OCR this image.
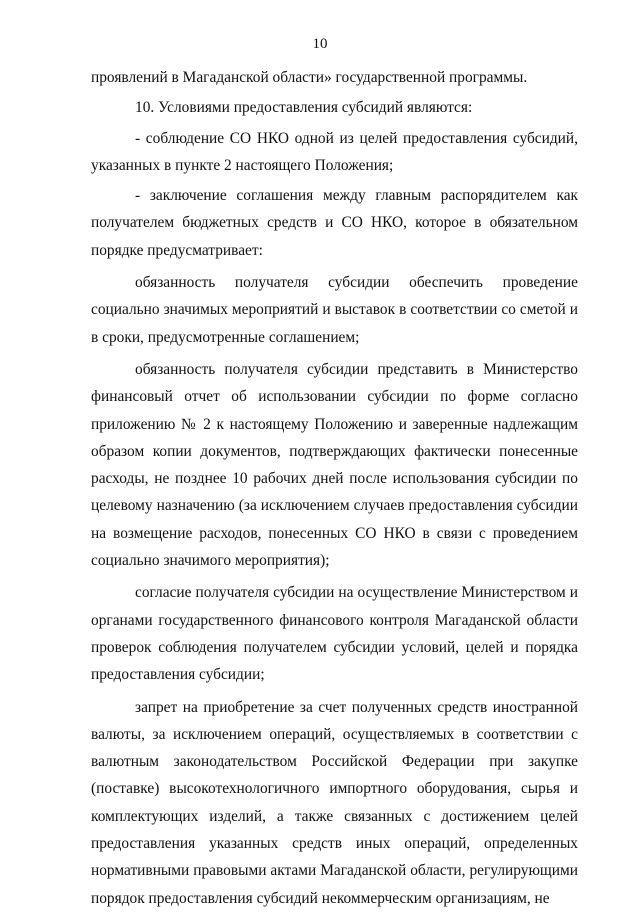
10

проявлений в Магаданской области» государственной программы.

10. Условиями предоставления субсидий являются:

- соблюдение СО НКО одной из целей предоставления субсидий, указанных в пункте 2 настоящего Положения;

- заключение соглашения между главным распорядителем как получателем бюджетных средств и СО НКО, которое в обязательном порядке предусматривает:

обязанность получателя субсидии обеспечить проведение социально значимых мероприятий и выставок в соответствии со сметой и в сроки, предусмотренные соглашением;

обязанность получателя субсидии представить в Министерство финансовый отчет об использовании субсидии по форме согласно приложению № 2 к настоящему Положению и заверенные надлежащим образом копии документов, подтверждающих фактически понесенные расходы, не позднее 10 рабочих дней после использования субсидии по целевому назначению (за исключением случаев предоставления субсидии на возмещение расходов, понесенных СО НКО в связи с проведением социально значимого мероприятия);

согласие получателя субсидии на осуществление Министерством и органами государственного финансового контроля Магаданской области проверок соблюдения получателем субсидии условий, целей и порядка предоставления субсидии;

запрет на приобретение за счет полученных средств иностранной валюты, за исключением операций, осуществляемых в соответствии с валютным законодательством Российской Федерации при закупке (поставке) высокотехнологичного импортного оборудования, сырья и комплектующих изделий, а также связанных с достижением целей предоставления указанных средств иных операций, определенных нормативными правовыми актами Магаданской области, регулирующими порядок предоставления субсидий некоммерческим организациям, не
